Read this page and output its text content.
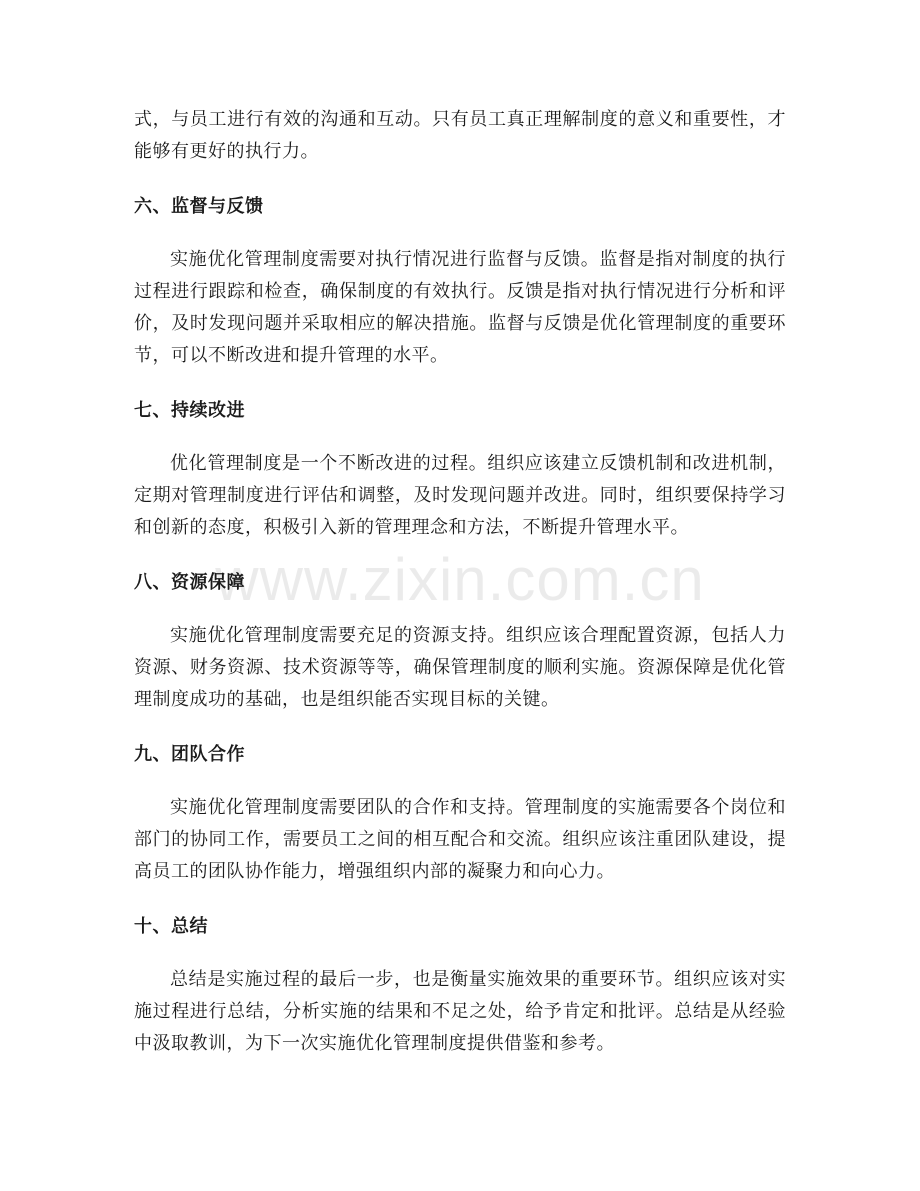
www.zixin.com.cn

式，与员工进行有效的沟通和互动。只有员工真正理解制度的意义和重要性，才能够有更好的执行力。

六、监督与反馈

实施优化管理制度需要对执行情况进行监督与反馈。监督是指对制度的执行过程进行跟踪和检查，确保制度的有效执行。反馈是指对执行情况进行分析和评价，及时发现问题并采取相应的解决措施。监督与反馈是优化管理制度的重要环节，可以不断改进和提升管理的水平。

七、持续改进

优化管理制度是一个不断改进的过程。组织应该建立反馈机制和改进机制，定期对管理制度进行评估和调整，及时发现问题并改进。同时，组织要保持学习和创新的态度，积极引入新的管理理念和方法，不断提升管理水平。

八、资源保障

实施优化管理制度需要充足的资源支持。组织应该合理配置资源，包括人力资源、财务资源、技术资源等等，确保管理制度的顺利实施。资源保障是优化管理制度成功的基础，也是组织能否实现目标的关键。

九、团队合作

实施优化管理制度需要团队的合作和支持。管理制度的实施需要各个岗位和部门的协同工作，需要员工之间的相互配合和交流。组织应该注重团队建设，提高员工的团队协作能力，增强组织内部的凝聚力和向心力。

十、总结

总结是实施过程的最后一步，也是衡量实施效果的重要环节。组织应该对实施过程进行总结，分析实施的结果和不足之处，给予肯定和批评。总结是从经验中汲取教训，为下一次实施优化管理制度提供借鉴和参考。
